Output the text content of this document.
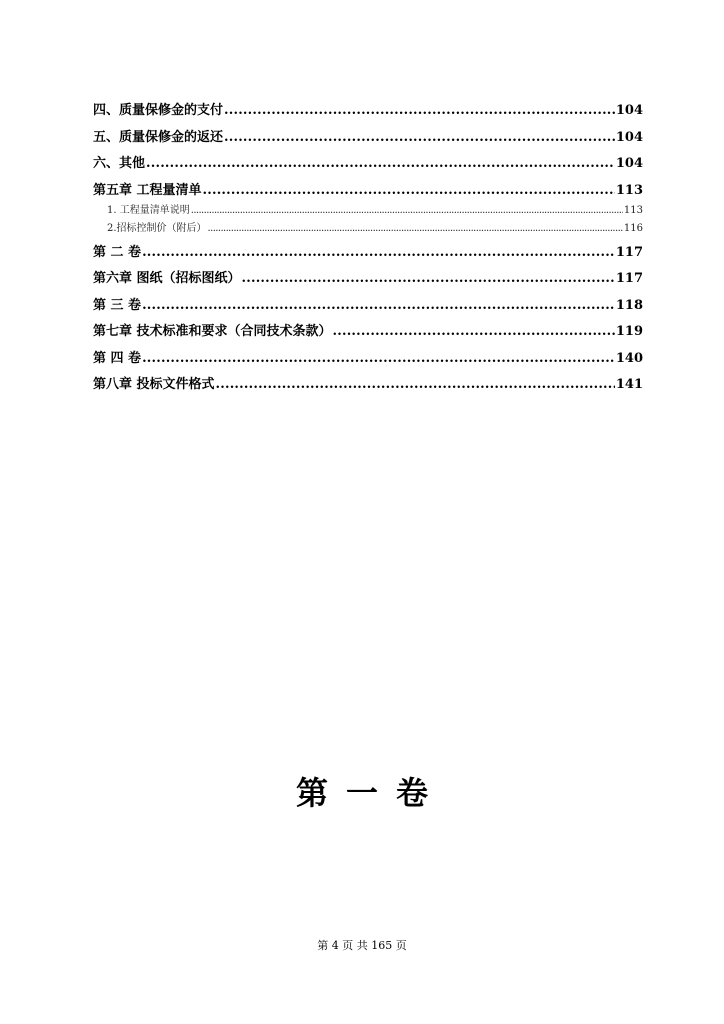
四、质量保修金的支付 .....	104
五、质量保修金的返还 .....	104
六、其他 .....	104
第五章 工程量清单 .....	113
1. 工程量清单说明 .....	113
2.招标控制价（附后） .....	116
第 二 卷 .....	117
第六章 图纸（招标图纸） .....	117
第 三 卷 .....	118
第七章 技术标准和要求（合同技术条款） .....	119
第 四 卷 .....	140
第八章 投标文件格式 .....	141
第一卷
第 4 页 共 165 页
